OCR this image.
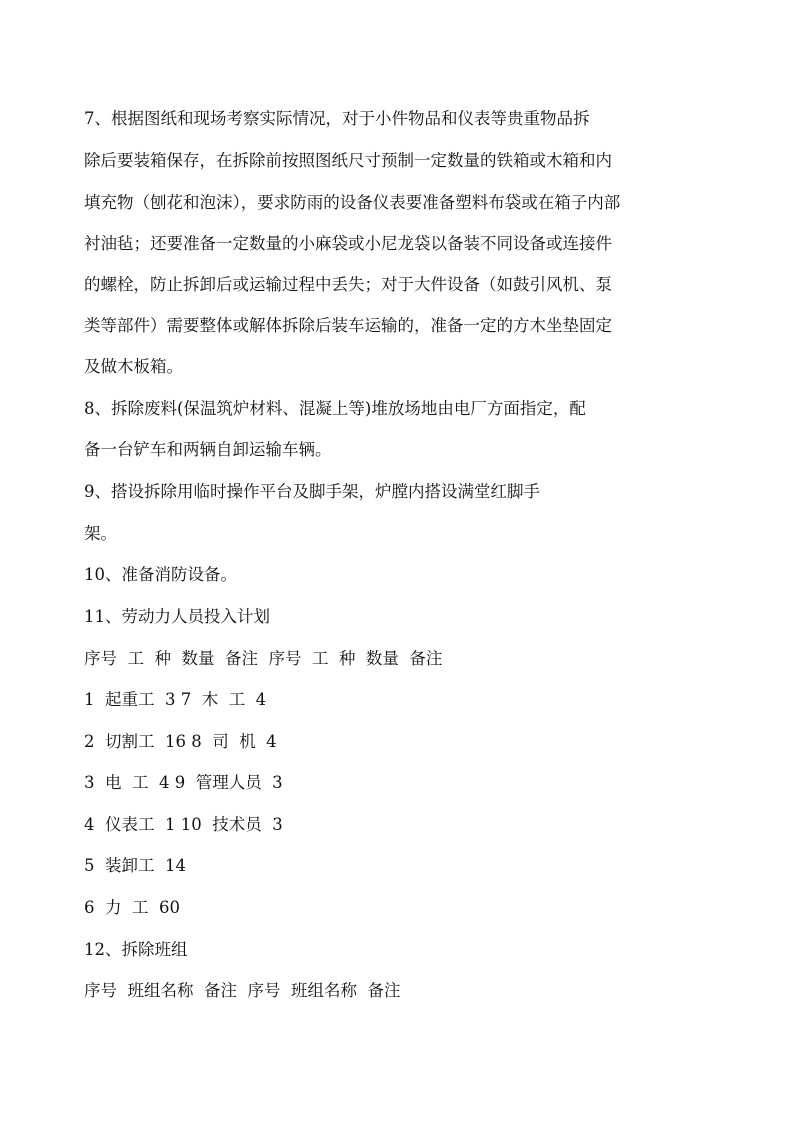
7、根据图纸和现场考察实际情况，对于小件物品和仪表等贵重物品拆

除后要装箱保存，在拆除前按照图纸尺寸预制一定数量的铁箱或木箱和内

填充物（刨花和泡沫），要求防雨的设备仪表要准备塑料布袋或在箱子内部

衬油毡；还要准备一定数量的小麻袋或小尼龙袋以备装不同设备或连接件

的螺栓，防止拆卸后或运输过程中丢失；对于大件设备（如鼓引风机、泵

类等部件）需要整体或解体拆除后装车运输的，准备一定的方木坐垫固定

及做木板箱。

8、拆除废料(保温筑炉材料、混凝上等)堆放场地由电厂方面指定，配

备一台铲车和两辆自卸运输车辆。

9、搭设拆除用临时操作平台及脚手架，炉膛内搭设满堂红脚手

架。

10、准备消防设备。

11、劳动力人员投入计划

序号  工  种  数量  备注  序号  工  种  数量  备注

1  起重工  3 7  木  工  4

2  切割工  16 8  司  机  4

3  电  工  4 9  管理人员  3

4  仪表工  1 10  技术员  3

5  装卸工  14

6  力  工  60

12、拆除班组

序号  班组名称  备注  序号  班组名称  备注
